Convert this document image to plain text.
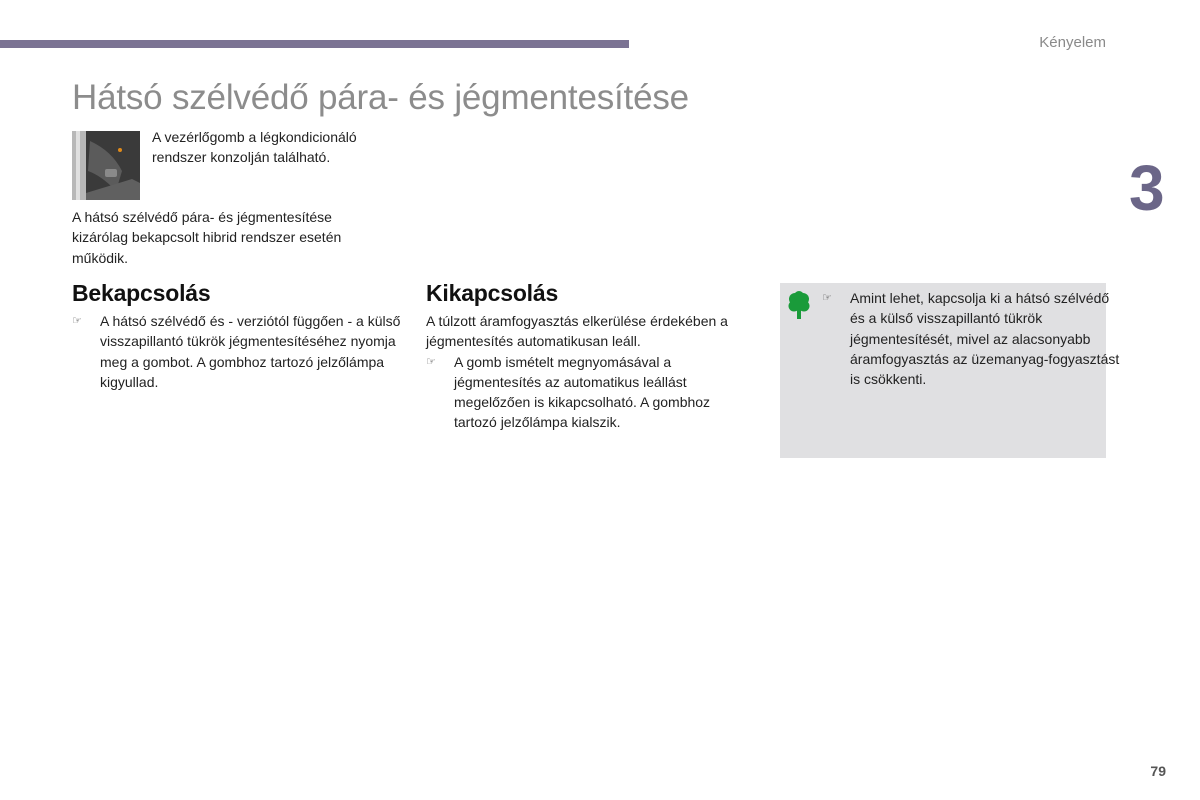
Kényelem
Hátsó szélvédő pára- és jégmentesítése
3

A vezérlőgomb a légkondicionáló rendszer konzolján található.

A hátsó szélvédő pára- és jégmentesítése kizárólag bekapcsolt hibrid rendszer esetén működik.

Bekapcsolás
☞ A hátsó szélvédő és - verziótól függően - a külső visszapillantó tükrök jégmentesítéséhez nyomja meg a gombot. A gombhoz tartozó jelzőlámpa kigyullad.
Kikapcsolás

A túlzott áramfogyasztás elkerülése érdekében a jégmentesítés automatikusan leáll.

☞ A gomb ismételt megnyomásával a jégmentesítés az automatikus leállást megelőzően is kikapcsolható. A gombhoz tartozó jelzőlámpa kialszik.
☞ Amint lehet, kapcsolja ki a hátsó szélvédő és a külső visszapillantó tükrök jégmentesítését, mivel az alacsonyabb áramfogyasztás az üzemanyag-fogyasztást is csökkenti.
79
